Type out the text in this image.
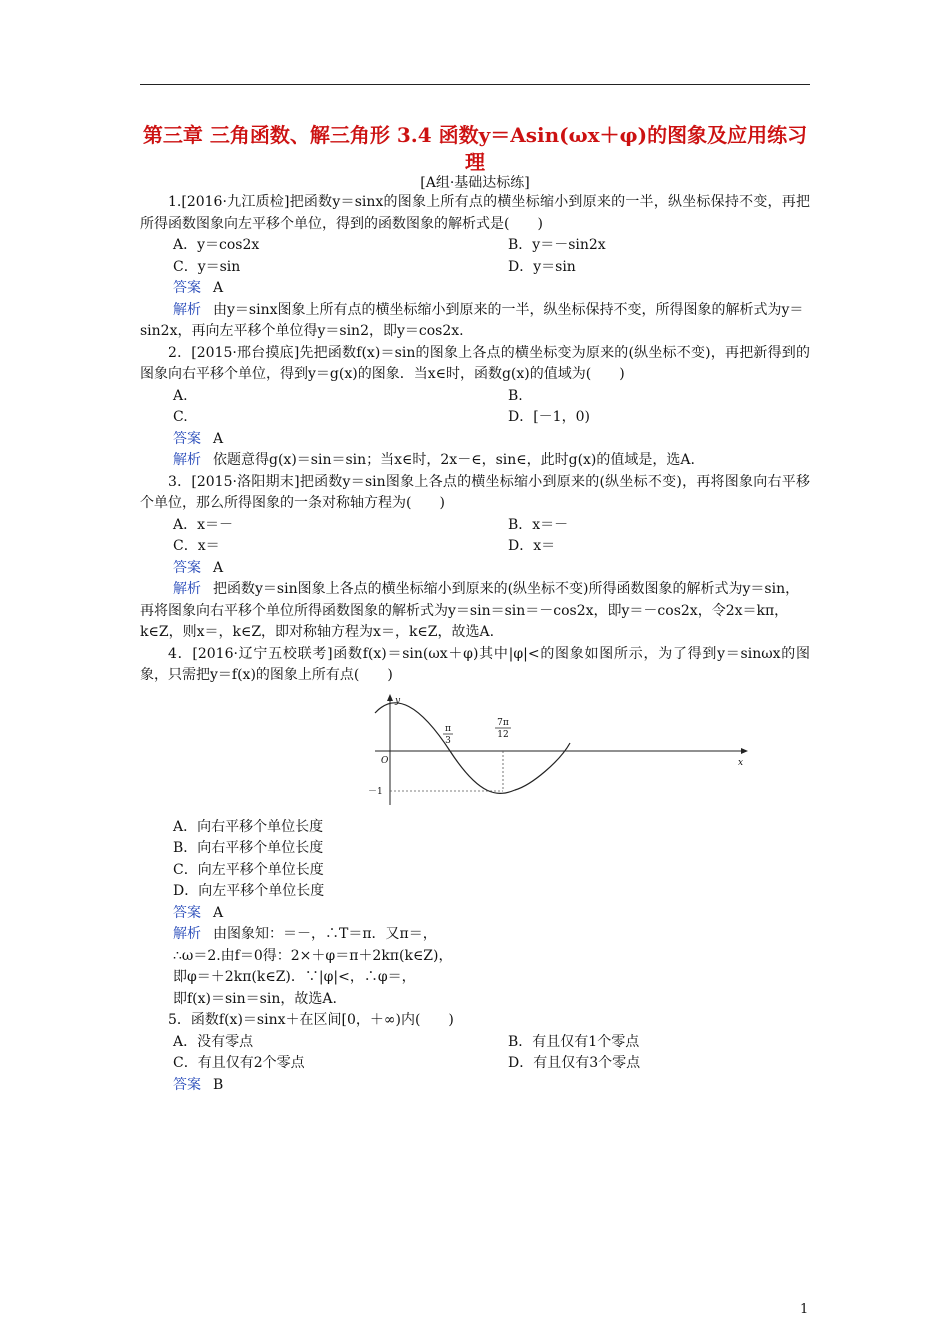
第三章 三角函数、解三角形 3.4 函数y＝Asin(ωx＋φ)的图象及应用练习 理
[A组·基础达标练]
1.[2016·九江质检]把函数y＝sinx的图象上所有点的横坐标缩小到原来的一半，纵坐标保持不变，再把所得函数图象向左平移个单位，得到的函数图象的解析式是(　　)
A．y＝cos2x	B．y＝－sin2x
C．y＝sin	D．y＝sin
答案 A
解析 由y＝sinx图象上所有点的横坐标缩小到原来的一半，纵坐标保持不变，所得图象的解析式为y＝sin2x，再向左平移个单位得y＝sin2，即y＝cos2x.
2．[2015·邢台摸底]先把函数f(x)＝sin的图象上各点的横坐标变为原来的(纵坐标不变)，再把新得到的图象向右平移个单位，得到y＝g(x)的图象．当x∈时，函数g(x)的值域为(　　)
A.	B.
C.	D．[－1，0)
答案 A
解析 依题意得g(x)＝sin＝sin；当x∈时，2x－∈，sin∈，此时g(x)的值域是，选A.
3．[2015·洛阳期末]把函数y＝sin图象上各点的横坐标缩小到原来的(纵坐标不变)，再将图象向右平移个单位，那么所得图象的一条对称轴方程为(　　)
A．x＝－	B．x＝－
C．x＝	D．x＝
答案 A
解析 把函数y＝sin图象上各点的横坐标缩小到原来的(纵坐标不变)所得函数图象的解析式为y＝sin，再将图象向右平移个单位所得函数图象的解析式为y＝sin＝sin＝－cos2x，即y＝－cos2x，令2x＝kπ，k∈Z，则x＝，k∈Z，即对称轴方程为x＝，k∈Z，故选A.
4．[2016·辽宁五校联考]函数f(x)＝sin(ωx＋φ)其中|φ|<的图象如图所示，为了得到y＝sinωx的图象，只需把y＝f(x)的图象上所有点(　　)
y
x
O
－1
π
3
7π
12
A．向右平移个单位长度
B．向右平移个单位长度
C．向左平移个单位长度
D．向左平移个单位长度
答案 A
解析 由图象知：＝－，∴T＝π．又π＝，
∴ω＝2.由f＝0得：2×＋φ＝π＋2kπ(k∈Z)，
即φ＝＋2kπ(k∈Z)．∵|φ|<，∴φ＝，
即f(x)＝sin＝sin，故选A.
5．函数f(x)＝sinx＋在区间[0，＋∞)内(　　)
A．没有零点	B．有且仅有1个零点
C．有且仅有2个零点	D．有且仅有3个零点
答案 B
1
